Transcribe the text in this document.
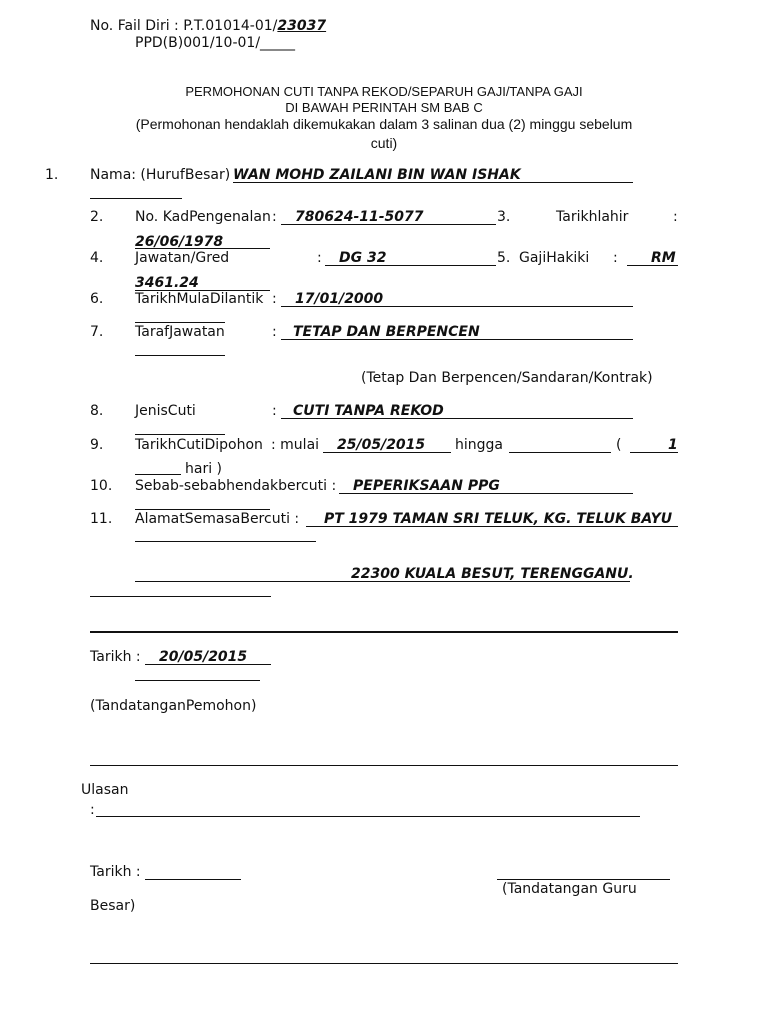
No. Fail Diri : P.T.01014-01/23037
PPD(B)001/10-01/_____
PERMOHONAN CUTI TANPA REKOD/SEPARUH GAJI/TANPA GAJI
DI BAWAH PERINTAH SM BAB C
(Permohonan hendaklah dikemukakan dalam 3 salinan dua (2) minggu sebelum
cuti)
1. Nama: (HurufBesar) WAN MOHD ZAILANI BIN WAN ISHAK
2. No. KadPengenalan : 780624-11-5077	3.	Tarikhlahir	:
26/06/1978
4. Jawatan/Gred	: DG 32	5. GajiHakiki : RM
3461.24
6. TarikhMulaDilantik : 17/01/2000
7. TarafJawatan	: TETAP DAN BERPENCEN
(Tetap Dan Berpencen/Sandaran/Kontrak)
8. JenisCuti	: CUTI TANPA REKOD
9. TarikhCutiDipohon : mulai 25/05/2015 hingga	(	1
hari )
10. Sebab-sebabhendakbercuti : PEPERIKSAAN PPG
11. AlamatSemasaBercuti : PT 1979 TAMAN SRI TELUK, KG. TELUK BAYU
22300 KUALA BESUT, TERENGGANU.
Tarikh : 20/05/2015
(TandatanganPemohon)
Ulasan
:
Tarikh :
(Tandatangan Guru
Besar)
